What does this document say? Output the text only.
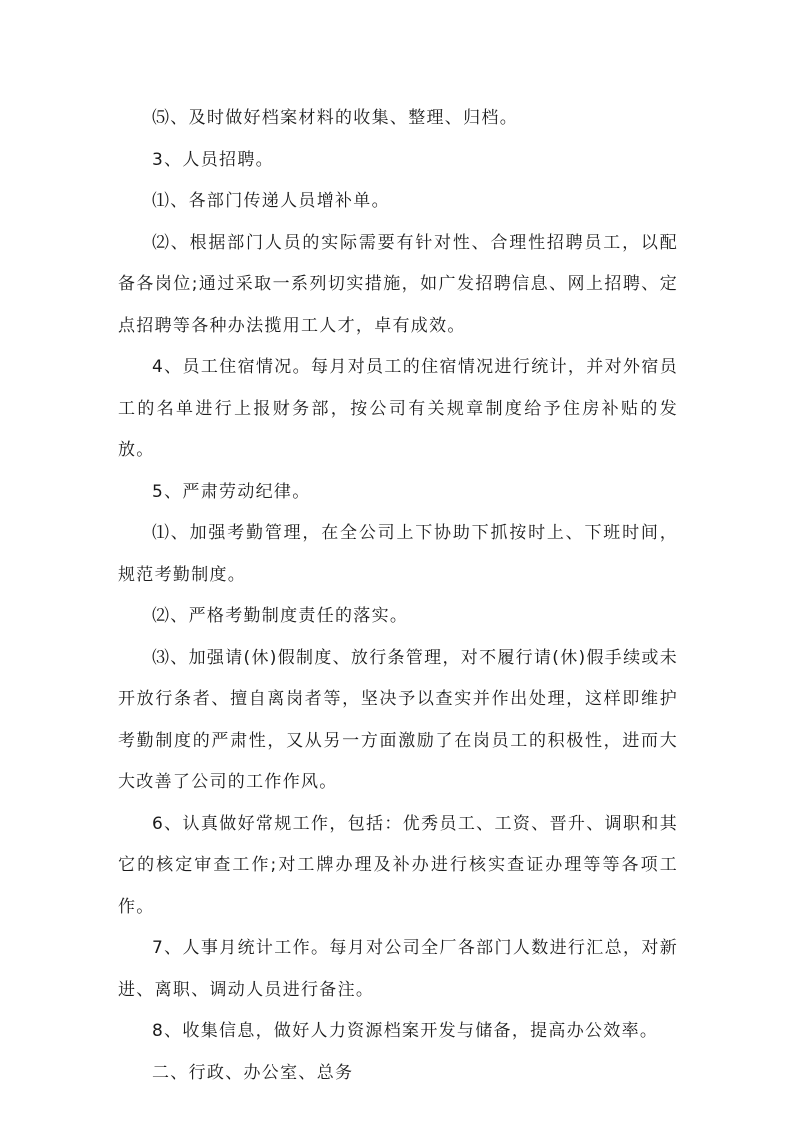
⑸、及时做好档案材料的收集、整理、归档。

3、人员招聘。

⑴、各部门传递人员增补单。

⑵、根据部门人员的实际需要有针对性、合理性招聘员工，以配备各岗位;通过采取一系列切实措施，如广发招聘信息、网上招聘、定点招聘等各种办法揽用工人才，卓有成效。

4、员工住宿情况。每月对员工的住宿情况进行统计，并对外宿员工的名单进行上报财务部，按公司有关规章制度给予住房补贴的发放。

5、严肃劳动纪律。

⑴、加强考勤管理，在全公司上下协助下抓按时上、下班时间，规范考勤制度。

⑵、严格考勤制度责任的落实。

⑶、加强请(休)假制度、放行条管理，对不履行请(休)假手续或未开放行条者、擅自离岗者等，坚决予以查实并作出处理，这样即维护考勤制度的严肃性，又从另一方面激励了在岗员工的积极性，进而大大改善了公司的工作作风。

6、认真做好常规工作，包括：优秀员工、工资、晋升、调职和其它的核定审查工作;对工牌办理及补办进行核实查证办理等等各项工作。

7、人事月统计工作。每月对公司全厂各部门人数进行汇总，对新进、离职、调动人员进行备注。

8、收集信息，做好人力资源档案开发与储备，提高办公效率。

二、行政、办公室、总务
